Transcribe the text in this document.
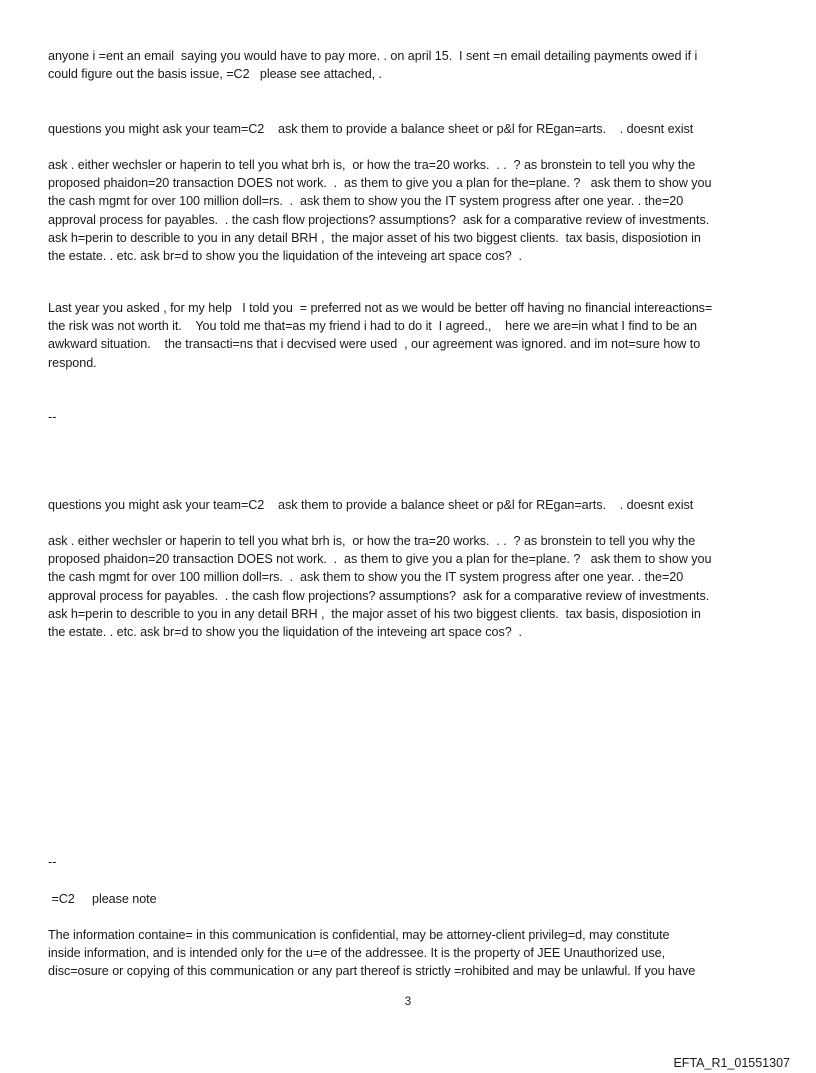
anyone i =ent an email  saying you would have to pay more. . on april 15.  I sent =n email detailing payments owed if i
could figure out the basis issue, =C2   please see attached, .
questions you might ask your team=C2    ask them to provide a balance sheet or p&l for REgan=arts.    . doesnt exist
ask . either wechsler or haperin to tell you what brh is,  or how the tra=20 works.  . .  ? as bronstein to tell you why the
proposed phaidon=20 transaction DOES not work.  .  as them to give you a plan for the=plane. ?   ask them to show you
the cash mgmt for over 100 million doll=rs.  .  ask them to show you the IT system progress after one year. . the=20
approval process for payables.  . the cash flow projections? assumptions?  ask for a comparative review of investments.
ask h=perin to describle to you in any detail BRH ,  the major asset of his two biggest clients.  tax basis, disposiotion in
the estate. . etc. ask br=d to show you the liquidation of the inteveing art space cos?  .
Last year you asked , for my help   I told you  = preferred not as we would be better off having no financial intereactions=
the risk was not worth it.    You told me that=as my friend i had to do it  I agreed.,    here we are=in what I find to be an
awkward situation.    the transacti=ns that i decvised were used  , our agreement was ignored. and im not=sure how to
respond.
--
questions you might ask your team=C2    ask them to provide a balance sheet or p&l for REgan=arts.    . doesnt exist
ask . either wechsler or haperin to tell you what brh is,  or how the tra=20 works.  . .  ? as bronstein to tell you why the
proposed phaidon=20 transaction DOES not work.  .  as them to give you a plan for the=plane. ?   ask them to show you
the cash mgmt for over 100 million doll=rs.  .  ask them to show you the IT system progress after one year. . the=20
approval process for payables.  . the cash flow projections? assumptions?  ask for a comparative review of investments.
ask h=perin to describle to you in any detail BRH ,  the major asset of his two biggest clients.  tax basis, disposiotion in
the estate. . etc. ask br=d to show you the liquidation of the inteveing art space cos?  .
--
=C2     please note
The information containe= in this communication is confidential, may be attorney-client privileg=d, may constitute
inside information, and is intended only for the u=e of the addressee. It is the property of JEE Unauthorized use,
disc=osure or copying of this communication or any part thereof is strictly =rohibited and may be unlawful. If you have
3
EFTA_R1_01551307
